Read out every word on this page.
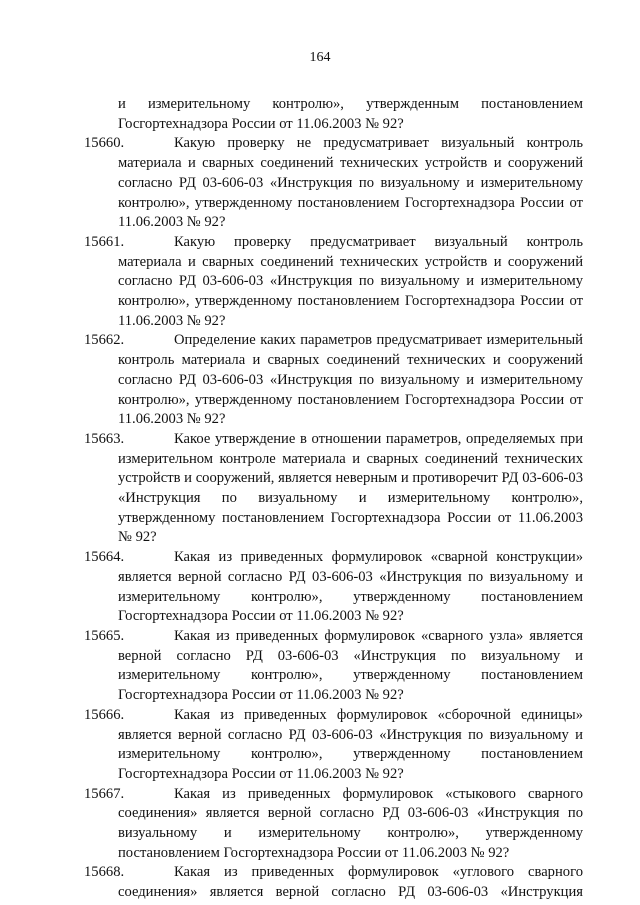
164

и измерительному контролю», утвержденным постановлением Госгортехнадзора России от 11.06.2003 № 92?

15660.	Какую проверку не предусматривает визуальный контроль материала и сварных соединений технических устройств и сооружений согласно РД 03-606-03 «Инструкция по визуальному и измерительному контролю», утвержденному постановлением Госгортехнадзора России от 11.06.2003 № 92?

15661.	Какую проверку предусматривает визуальный контроль материала и сварных соединений технических устройств и сооружений согласно РД 03-606-03 «Инструкция по визуальному и измерительному контролю», утвержденному постановлением Госгортехнадзора России от 11.06.2003 № 92?

15662.	Определение каких параметров предусматривает измерительный контроль материала и сварных соединений технических и сооружений согласно РД 03-606-03 «Инструкция по визуальному и измерительному контролю», утвержденному постановлением Госгортехнадзора России от 11.06.2003 № 92?

15663.	Какое утверждение в отношении параметров, определяемых при измерительном контроле материала и сварных соединений технических устройств и сооружений, является неверным и противоречит РД 03-606-03 «Инструкция по визуальному и измерительному контролю», утвержденному постановлением Госгортехнадзора России от 11.06.2003 № 92?

15664.	Какая из приведенных формулировок «сварной конструкции» является верной согласно РД 03-606-03 «Инструкция по визуальному и измерительному контролю», утвержденному постановлением Госгортехнадзора России от 11.06.2003 № 92?

15665.	Какая из приведенных формулировок «сварного узла» является верной согласно РД 03-606-03 «Инструкция по визуальному и измерительному контролю», утвержденному постановлением Госгортехнадзора России от 11.06.2003 № 92?

15666.	Какая из приведенных формулировок «сборочной единицы» является верной согласно РД 03-606-03 «Инструкция по визуальному и измерительному контролю», утвержденному постановлением Госгортехнадзора России от 11.06.2003 № 92?

15667.	Какая из приведенных формулировок «стыкового сварного соединения» является верной согласно РД 03-606-03 «Инструкция по визуальному и измерительному контролю», утвержденному постановлением Госгортехнадзора России от 11.06.2003 № 92?

15668.	Какая из приведенных формулировок «углового сварного соединения» является верной согласно РД 03-606-03 «Инструкция
